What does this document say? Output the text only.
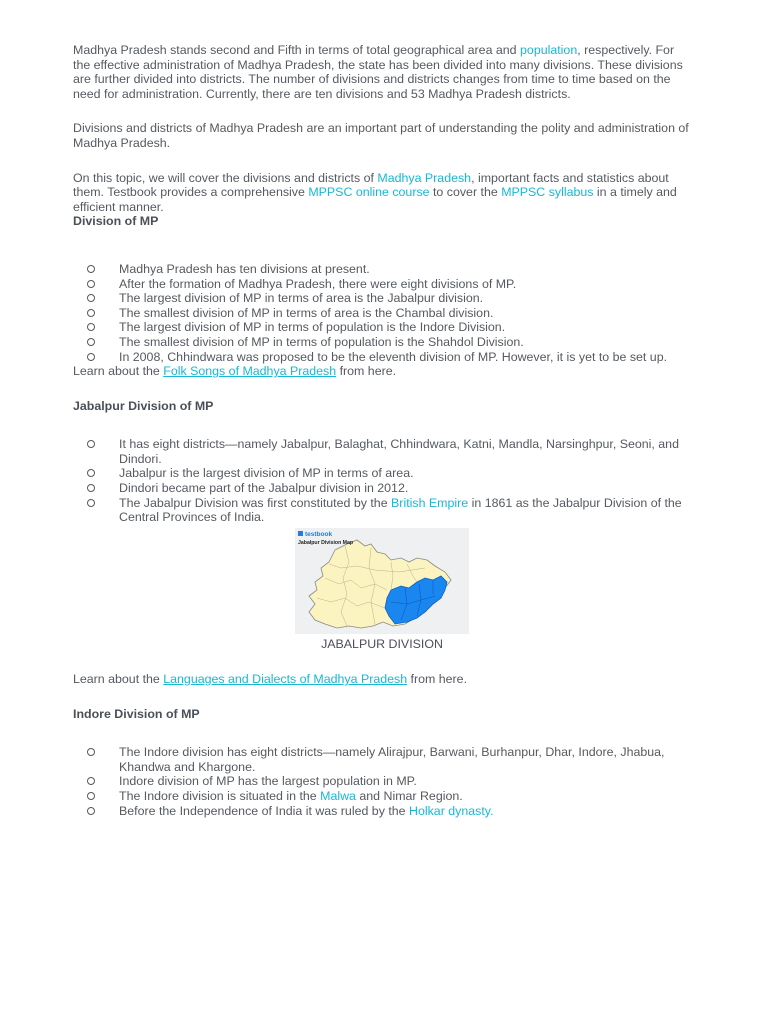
Madhya Pradesh stands second and Fifth in terms of total geographical area and population, respectively. For the effective administration of Madhya Pradesh, the state has been divided into many divisions. These divisions are further divided into districts. The number of divisions and districts changes from time to time based on the need for administration. Currently, there are ten divisions and 53 Madhya Pradesh districts.

Divisions and districts of Madhya Pradesh are an important part of understanding the polity and administration of Madhya Pradesh.

On this topic, we will cover the divisions and districts of Madhya Pradesh, important facts and statistics about them. Testbook provides a comprehensive MPPSC online course to cover the MPPSC syllabus in a timely and efficient manner.

Division of MP
Madhya Pradesh has ten divisions at present.
After the formation of Madhya Pradesh, there were eight divisions of MP.
The largest division of MP in terms of area is the Jabalpur division.
The smallest division of MP in terms of area is the Chambal division.
The largest division of MP in terms of population is the Indore Division.
The smallest division of MP in terms of population is the Shahdol Division.
In 2008, Chhindwara was proposed to be the eleventh division of MP. However, it is yet to be set up.

Learn about the Folk Songs of Madhya Pradesh from here.

Jabalpur Division of MP
It has eight districts—namely Jabalpur, Balaghat, Chhindwara, Katni, Mandla, Narsinghpur, Seoni, and Dindori.
Jabalpur is the largest division of MP in terms of area.
Dindori became part of the Jabalpur division in 2012.
The Jabalpur Division was first constituted by the British Empire in 1861 as the Jabalpur Division of the Central Provinces of India.
testbook
Jabalpur Division Map
JABALPUR DIVISION

Learn about the Languages and Dialects of Madhya Pradesh from here.

Indore Division of MP
The Indore division has eight districts—namely Alirajpur, Barwani, Burhanpur, Dhar, Indore, Jhabua, Khandwa and Khargone.
Indore division of MP has the largest population in MP.
The Indore division is situated in the Malwa and Nimar Region.
Before the Independence of India it was ruled by the Holkar dynasty.
